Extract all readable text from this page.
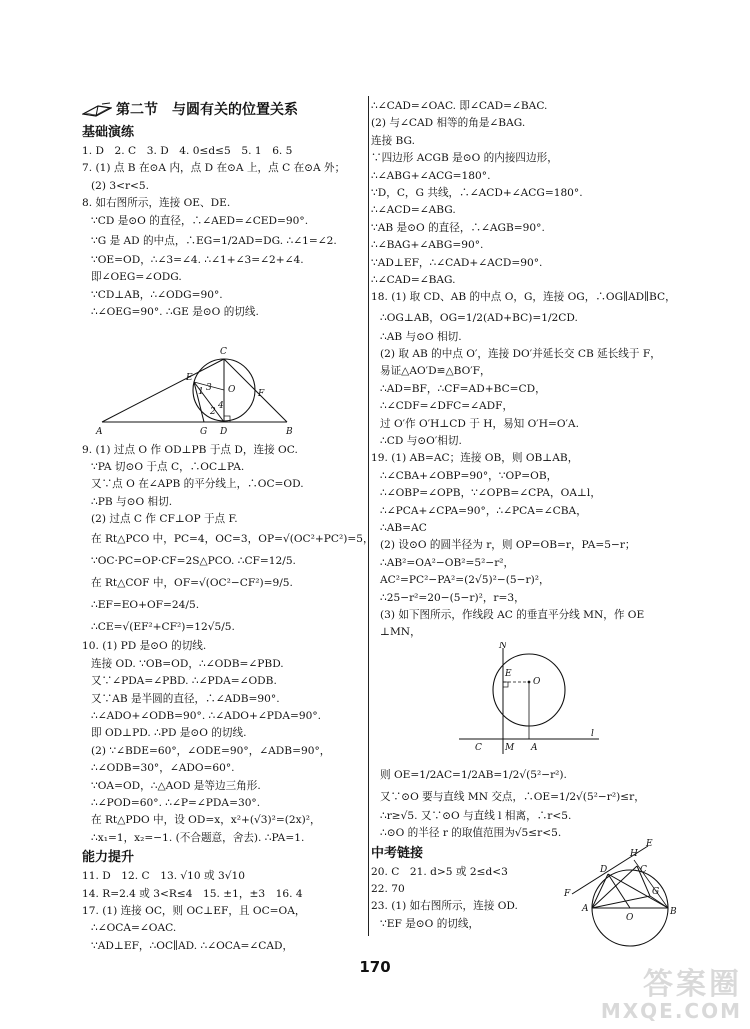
第二节　与圆有关的位置关系
基础演练
1. D　2. C　3. D　4. 0≤d≤5　5. 1　6. 5
7. (1) 点 B 在⊙A 内，点 D 在⊙A 上，点 C 在⊙A 外；
(2) 3<r<5.
8. 如右图所示，连接 OE、DE.
∵CD 是⊙O 的直径，∴∠AED=∠CED=90°.
∵G 是 AD 的中点，∴EG=1/2AD=DG. ∴∠1=∠2.
∵OE=OD，∴∠3=∠4. ∴∠1+∠3=∠2+∠4.
即∠OEG=∠ODG.
∵CD⊥AB，∴∠ODG=90°.
∴∠OEG=90°. ∴GE 是⊙O 的切线.
C
E
O	F
A	G D	B
1
2
3
4
9. (1) 过点 O 作 OD⊥PB 于点 D，连接 OC.
∵PA 切⊙O 于点 C，∴OC⊥PA.
又∵点 O 在∠APB 的平分线上，∴OC=OD.
∴PB 与⊙O 相切.
(2) 过点 C 作 CF⊥OP 于点 F.
在 Rt△PCO 中，PC=4，OC=3，OP=√(OC²+PC²)=5，
∵OC·PC=OP·CF=2S△PCO. ∴CF=12/5.
在 Rt△COF 中，OF=√(OC²−CF²)=9/5.
∴EF=EO+OF=24/5.
∴CE=√(EF²+CF²)=12√5/5.
10. (1) PD 是⊙O 的切线.
连接 OD. ∵OB=OD，∴∠ODB=∠PBD.
又∵∠PDA=∠PBD. ∴∠PDA=∠ODB.
又∵AB 是半圆的直径，∴∠ADB=90°.
∴∠ADO+∠ODB=90°. ∴∠ADO+∠PDA=90°.
即 OD⊥PD. ∴PD 是⊙O 的切线.
(2) ∵∠BDE=60°，∠ODE=90°，∠ADB=90°，
∴∠ODB=30°，∠ADO=60°.
∵OA=OD，∴△AOD 是等边三角形.
∴∠POD=60°. ∴∠P=∠PDA=30°.
在 Rt△PDO 中，设 OD=x，x²+(√3)²=(2x)²，
∴x₁=1，x₂=−1. (不合题意，舍去). ∴PA=1.
能力提升
11. D　12. C　13. √10 或 3√10
14. R=2.4 或 3<R≤4　15. ±1，±3　16. 4
17. (1) 连接 OC，则 OC⊥EF，且 OC=OA，
∴∠OCA=∠OAC.
∵AD⊥EF，∴OC∥AD. ∴∠OCA=∠CAD，
∴∠CAD=∠OAC. 即∠CAD=∠BAC.
(2) 与∠CAD 相等的角是∠BAG.
连接 BG.
∵四边形 ACGB 是⊙O 的内接四边形，
∴∠ABG+∠ACG=180°.
∵D，C，G 共线，∴∠ACD+∠ACG=180°.
∴∠ACD=∠ABG.
∵AB 是⊙O 的直径，∴∠AGB=90°.
∴∠BAG+∠ABG=90°.
∵AD⊥EF，∴∠CAD+∠ACD=90°.
∴∠CAD=∠BAG.
18. (1) 取 CD、AB 的中点 O，G，连接 OG，∴OG∥AD∥BC，
∴OG⊥AB，OG=1/2(AD+BC)=1/2CD.
∴AB 与⊙O 相切.
(2) 取 AB 的中点 O′，连接 DO′并延长交 CB 延长线于 F，
易证△AO′D≌△BO′F，
∴AD=BF，∴CF=AD+BC=CD，
∴∠CDF=∠DFC=∠ADF，
过 O′作 O′H⊥CD 于 H，易知 O′H=O′A.
∴CD 与⊙O′相切.
19. (1) AB=AC；连接 OB，则 OB⊥AB，
∴∠CBA+∠OBP=90°，∵OP=OB，
∴∠OBP=∠OPB，∵∠OPB=∠CPA，OA⊥l，
∴∠PCA+∠CPA=90°，∴∠PCA=∠CBA，
∴AB=AC
(2) 设⊙O 的圆半径为 r，则 OP=OB=r，PA=5−r；
∴AB²=OA²−OB²=5²−r²，
AC²=PC²−PA²=(2√5)²−(5−r)²，
∴25−r²=20−(5−r)²，r=3，
(3) 如下图所示，作线段 AC 的垂直平分线 MN，作 OE
⊥MN，
N
E
O
C	M A
l
则 OE=1/2AC=1/2AB=1/2√(5²−r²).
又∵⊙O 要与直线 MN 交点，∴OE=1/2√(5²−r²)≤r，
∴r≥√5. 又∵⊙O 与直线 l 相离，∴r<5.
∴⊙O 的半径 r 的取值范围为√5≤r<5.
中考链接
20. C　21. d>5 或 2≤d<3
22. 70
23. (1) 如右图所示，连接 OD.
∵EF 是⊙O 的切线，
E
H
D	C
G
F
A
O
B
170	答案圈
MXQE.COM
